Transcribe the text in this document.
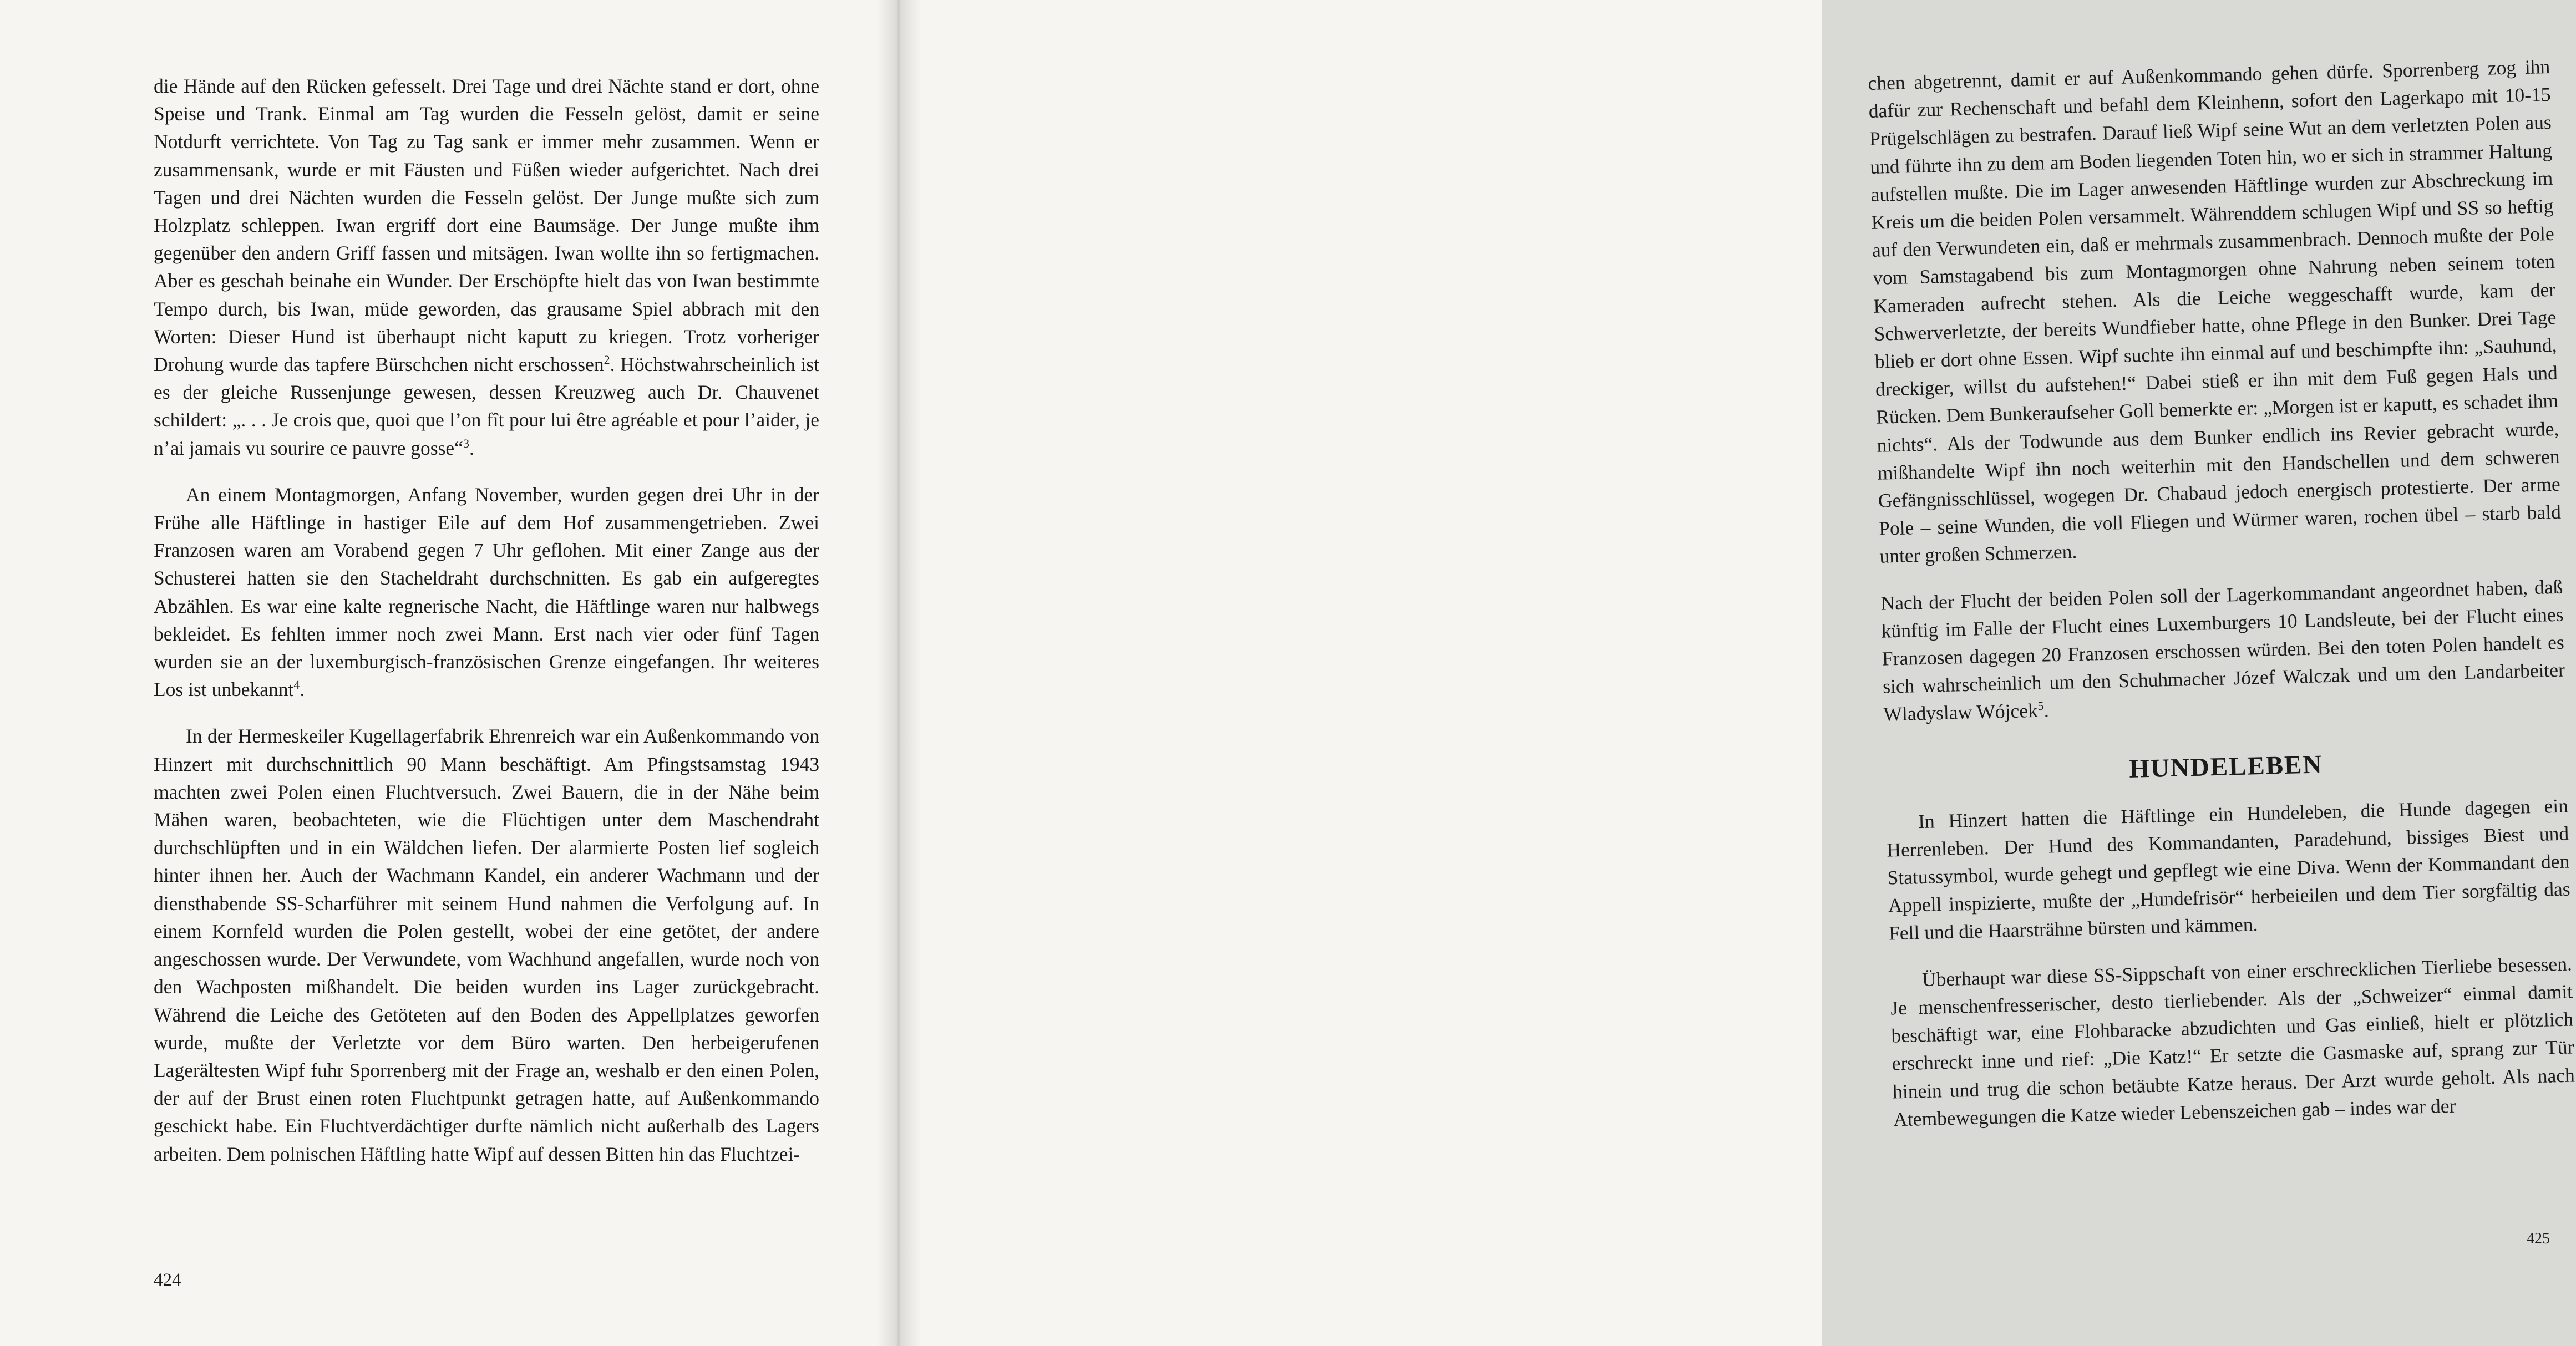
die Hände auf den Rücken gefesselt. Drei Tage und drei Nächte stand er dort, ohne Speise und Trank. Einmal am Tag wurden die Fesseln gelöst, damit er seine Notdurft verrichtete. Von Tag zu Tag sank er immer mehr zusammen. Wenn er zusammensank, wurde er mit Fäusten und Füßen wieder aufgerichtet. Nach drei Tagen und drei Nächten wurden die Fesseln gelöst. Der Junge mußte sich zum Holzplatz schleppen. Iwan ergriff dort eine Baumsäge. Der Junge mußte ihm gegenüber den andern Griff fassen und mitsägen. Iwan wollte ihn so fertigmachen. Aber es geschah beinahe ein Wunder. Der Erschöpfte hielt das von Iwan bestimmte Tempo durch, bis Iwan, müde geworden, das grausame Spiel abbrach mit den Worten: Dieser Hund ist überhaupt nicht kaputt zu kriegen. Trotz vorheriger Drohung wurde das tapfere Bürschchen nicht erschossen$^2$. Höchstwahrscheinlich ist es der gleiche Russenjunge gewesen, dessen Kreuzweg auch Dr. Chauvenet schildert: „. . . Je crois que, quoi que l’on fît pour lui être agréable et pour l’aider, je n’ai jamais vu sourire ce pauvre gosse“$^3$.

An einem Montagmorgen, Anfang November, wurden gegen drei Uhr in der Frühe alle Häftlinge in hastiger Eile auf dem Hof zusammengetrieben. Zwei Franzosen waren am Vorabend gegen 7 Uhr geflohen. Mit einer Zange aus der Schusterei hatten sie den Stacheldraht durchschnitten. Es gab ein aufgeregtes Abzählen. Es war eine kalte regnerische Nacht, die Häftlinge waren nur halbwegs bekleidet. Es fehlten immer noch zwei Mann. Erst nach vier oder fünf Tagen wurden sie an der luxemburgisch-französischen Grenze eingefangen. Ihr weiteres Los ist unbekannt$^4$.

In der Hermeskeiler Kugellagerfabrik Ehrenreich war ein Außenkommando von Hinzert mit durchschnittlich 90 Mann beschäftigt. Am Pfingstsamstag 1943 machten zwei Polen einen Fluchtversuch. Zwei Bauern, die in der Nähe beim Mähen waren, beobachteten, wie die Flüchtigen unter dem Maschendraht durchschlüpften und in ein Wäldchen liefen. Der alarmierte Posten lief sogleich hinter ihnen her. Auch der Wachmann Kandel, ein anderer Wachmann und der diensthabende SS-Scharführer mit seinem Hund nahmen die Verfolgung auf. In einem Kornfeld wurden die Polen gestellt, wobei der eine getötet, der andere angeschossen wurde. Der Verwundete, vom Wachhund angefallen, wurde noch von den Wachposten mißhandelt. Die beiden wurden ins Lager zurückgebracht. Während die Leiche des Getöteten auf den Boden des Appellplatzes geworfen wurde, mußte der Verletzte vor dem Büro warten. Den herbeigerufenen Lagerältesten Wipf fuhr Sporrenberg mit der Frage an, weshalb er den einen Polen, der auf der Brust einen roten Fluchtpunkt getragen hatte, auf Außenkommando geschickt habe. Ein Fluchtverdächtiger durfte nämlich nicht außerhalb des Lagers arbeiten. Dem polnischen Häftling hatte Wipf auf dessen Bitten hin das Fluchtzei-

424

chen abgetrennt, damit er auf Außenkommando gehen dürfe. Sporrenberg zog ihn dafür zur Rechenschaft und befahl dem Kleinhenn, sofort den Lagerkapo mit 10-15 Prügelschlägen zu bestrafen. Darauf ließ Wipf seine Wut an dem verletzten Polen aus und führte ihn zu dem am Boden liegenden Toten hin, wo er sich in strammer Haltung aufstellen mußte. Die im Lager anwesenden Häftlinge wurden zur Abschreckung im Kreis um die beiden Polen versammelt. Währenddem schlugen Wipf und SS so heftig auf den Verwundeten ein, daß er mehrmals zusammenbrach. Dennoch mußte der Pole vom Samstagabend bis zum Montagmorgen ohne Nahrung neben seinem toten Kameraden aufrecht stehen. Als die Leiche weggeschafft wurde, kam der Schwerverletzte, der bereits Wundfieber hatte, ohne Pflege in den Bunker. Drei Tage blieb er dort ohne Essen. Wipf suchte ihn einmal auf und beschimpfte ihn: „Sauhund, dreckiger, willst du aufstehen!“ Dabei stieß er ihn mit dem Fuß gegen Hals und Rücken. Dem Bunkeraufseher Goll bemerkte er: „Morgen ist er kaputt, es schadet ihm nichts“. Als der Todwunde aus dem Bunker endlich ins Revier gebracht wurde, mißhandelte Wipf ihn noch weiterhin mit den Handschellen und dem schweren Gefängnisschlüssel, wogegen Dr. Chabaud jedoch energisch protestierte. Der arme Pole – seine Wunden, die voll Fliegen und Würmer waren, rochen übel – starb bald unter großen Schmerzen.

Nach der Flucht der beiden Polen soll der Lagerkommandant angeordnet haben, daß künftig im Falle der Flucht eines Luxemburgers 10 Landsleute, bei der Flucht eines Franzosen dagegen 20 Franzosen erschossen würden. Bei den toten Polen handelt es sich wahrscheinlich um den Schuhmacher Józef Walczak und um den Landarbeiter Wladyslaw Wójcek$^5$.

HUNDELEBEN

In Hinzert hatten die Häftlinge ein Hundeleben, die Hunde dagegen ein Herrenleben. Der Hund des Kommandanten, Paradehund, bissiges Biest und Statussymbol, wurde gehegt und gepflegt wie eine Diva. Wenn der Kommandant den Appell inspizierte, mußte der „Hundefrisör“ herbeieilen und dem Tier sorgfältig das Fell und die Haarsträhne bürsten und kämmen.

Überhaupt war diese SS-Sippschaft von einer erschrecklichen Tierliebe besessen. Je menschenfresserischer, desto tierliebender. Als der „Schweizer“ einmal damit beschäftigt war, eine Flohbaracke abzudichten und Gas einließ, hielt er plötzlich erschreckt inne und rief: „Die Katz!“ Er setzte die Gasmaske auf, sprang zur Tür hinein und trug die schon betäubte Katze heraus. Der Arzt wurde geholt. Als nach Atembewegungen die Katze wieder Lebenszeichen gab – indes war der

425
